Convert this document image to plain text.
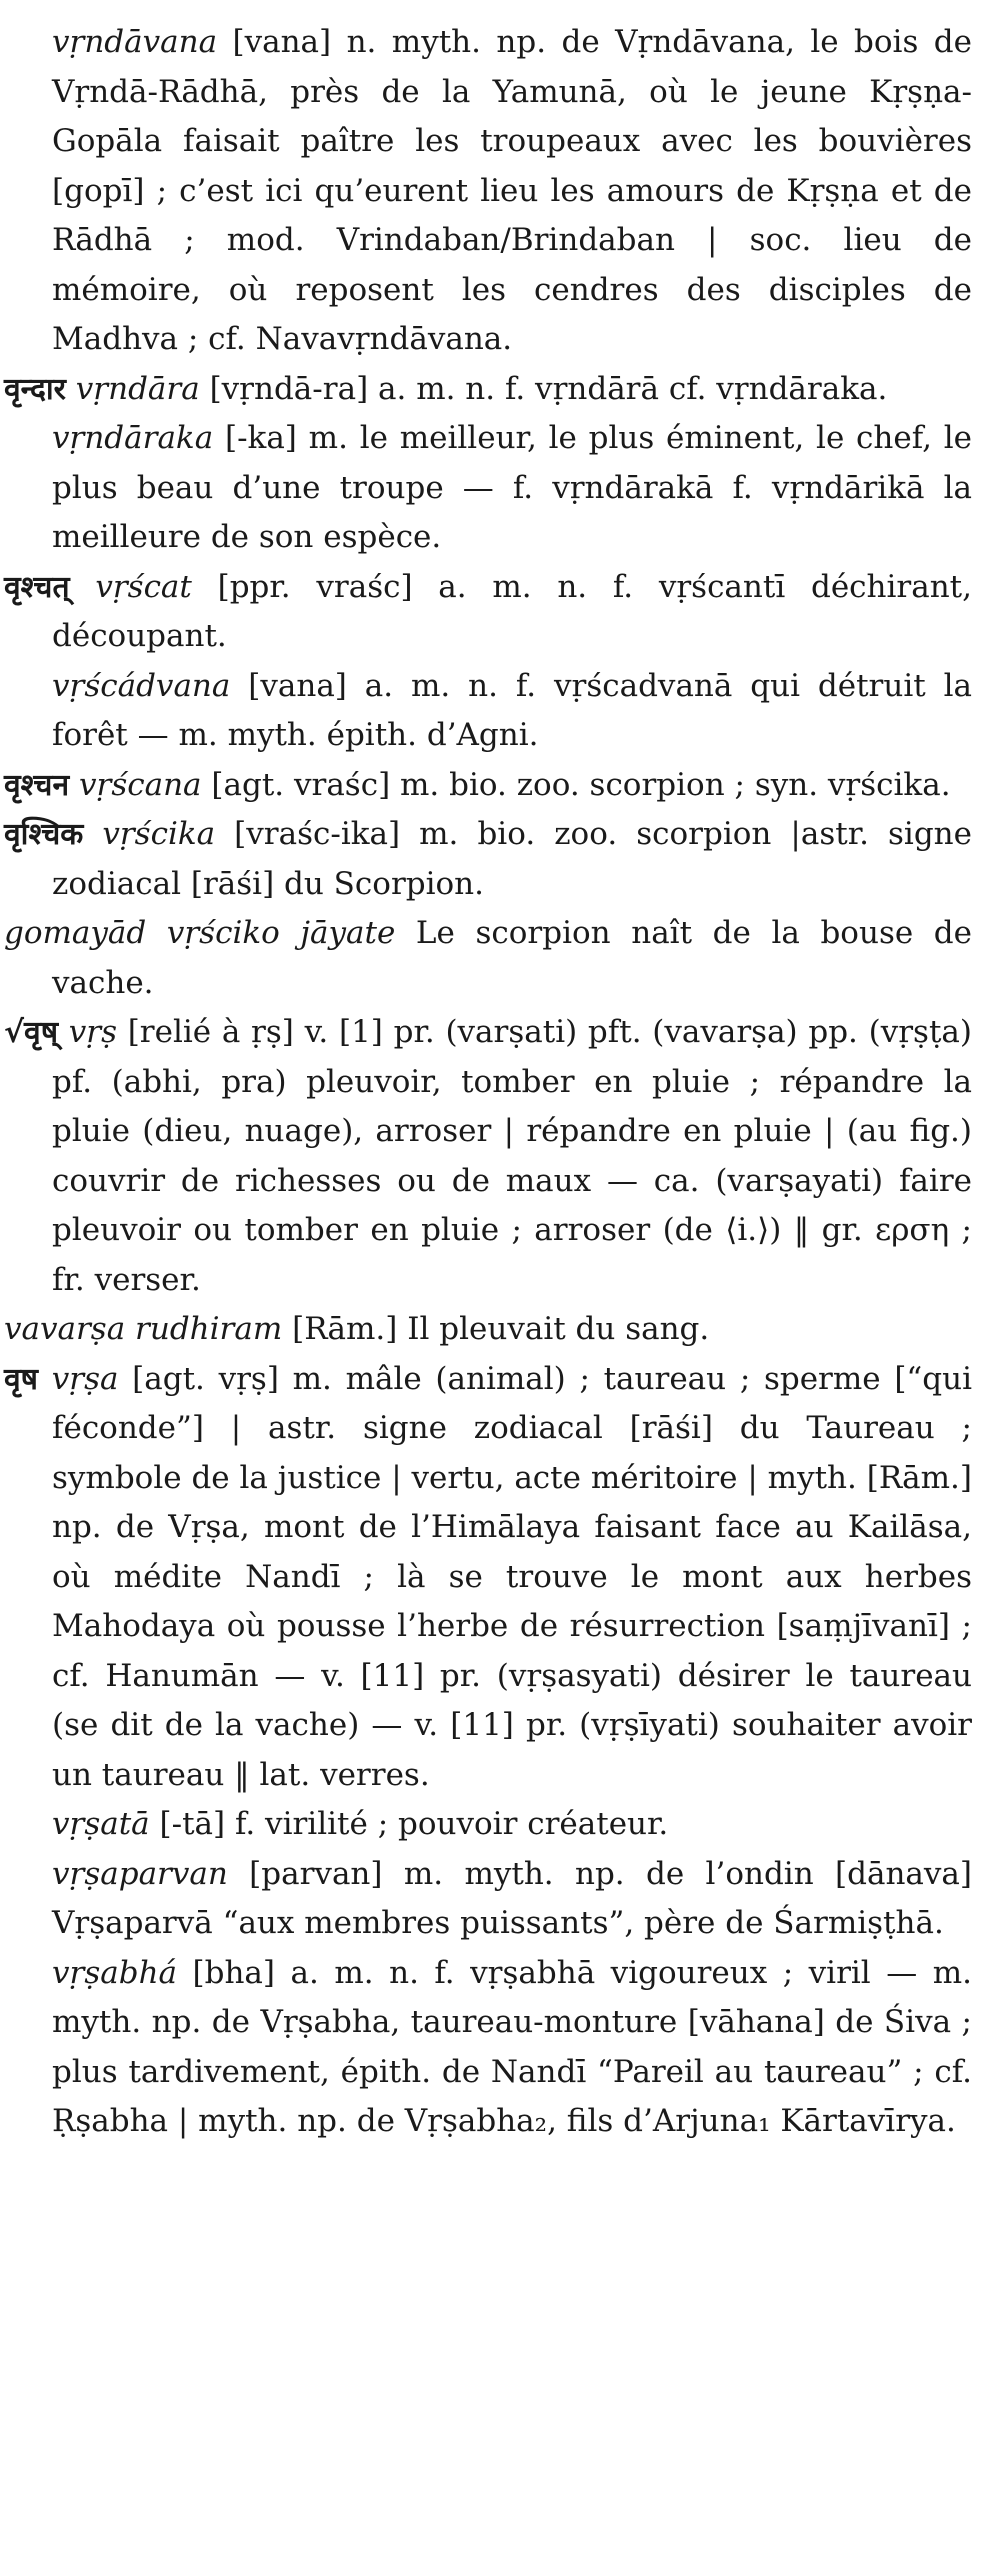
vṛndāvana [vana] n. myth. np. de Vṛndāvana, le bois de Vṛndā-Rādhā, près de la Yamunā, où le jeune Kṛṣṇa-Gopāla faisait paître les troupeaux avec les bouvières [gopī] ; c’est ici qu’eurent lieu les amours de Kṛṣṇa et de Rādhā ; mod. Vrindaban/Brindaban | soc. lieu de mémoire, où reposent les cendres des disciples de Madhva ; cf. Navavṛndāvana.

वृन्दार vṛndāra [vṛndā-ra] a. m. n. f. vṛndārā cf. vṛndāraka.

vṛndāraka [-ka] m. le meilleur, le plus éminent, le chef, le plus beau d’une troupe — f. vṛndārakā f. vṛndārikā la meilleure de son espèce.

वृश्चत् vṛścat [ppr. vraśc] a. m. n. f. vṛścantī déchirant, découpant.

vṛścádvana [vana] a. m. n. f. vṛścadvanā qui détruit la forêt — m. myth. épith. d’Agni.

वृश्चन vṛścana [agt. vraśc] m. bio. zoo. scorpion ; syn. vṛścika.

वृश्चिक vṛścika [vraśc-ika] m. bio. zoo. scorpion |astr. signe zodiacal [rāśi] du Scorpion.

gomayād vṛściko jāyate Le scorpion naît de la bouse de vache.

√वृष् vṛṣ [relié à ṛṣ] v. [1] pr. (varṣati) pft. (vavarṣa) pp. (vṛṣṭa) pf. (abhi, pra) pleuvoir, tomber en pluie ; répandre la pluie (dieu, nuage), arroser | répandre en pluie | (au fig.) couvrir de richesses ou de maux — ca. (varṣayati) faire pleuvoir ou tomber en pluie ; arroser (de ⟨i.⟩) ‖ gr. ερση ; fr. verser.

vavarṣa rudhiram [Rām.] Il pleuvait du sang.

वृष vṛṣa [agt. vṛṣ] m. mâle (animal) ; taureau ; sperme [“qui féconde”] | astr. signe zodiacal [rāśi] du Taureau ; symbole de la justice | vertu, acte méritoire | myth. [Rām.] np. de Vṛṣa, mont de l’Himālaya faisant face au Kailāsa, où médite Nandī ; là se trouve le mont aux herbes Mahodaya où pousse l’herbe de résurrection [saṃjīvanī] ; cf. Hanumān — v. [11] pr. (vṛṣasyati) désirer le taureau (se dit de la vache) — v. [11] pr. (vṛṣīyati) souhaiter avoir un taureau ‖ lat. verres.

vṛṣatā [-tā] f. virilité ; pouvoir créateur.

vṛṣaparvan [parvan] m. myth. np. de l’ondin [dānava] Vṛṣaparvā “aux membres puissants”, père de Śarmiṣṭhā.

vṛṣabhá [bha] a. m. n. f. vṛṣabhā vigoureux ; viril — m. myth. np. de Vṛṣabha, taureau-monture [vāhana] de Śiva ; plus tardivement, épith. de Nandī “Pareil au taureau” ; cf. Ṛṣabha | myth. np. de Vṛṣabha₂, fils d’Arjuna₁ Kārtavīrya.
